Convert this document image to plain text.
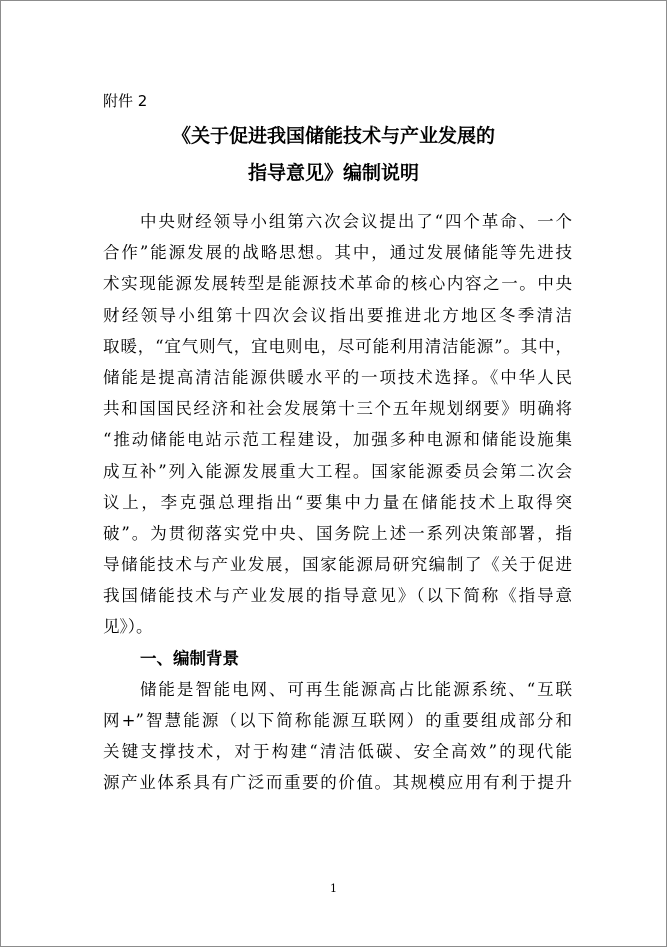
附件 2
《关于促进我国储能技术与产业发展的
指导意见》编制说明
中央财经领导小组第六次会议提出了“四个革命、一个
合作”能源发展的战略思想。其中，通过发展储能等先进技
术实现能源发展转型是能源技术革命的核心内容之一。中央
财经领导小组第十四次会议指出要推进北方地区冬季清洁
取暖，“宜气则气，宜电则电，尽可能利用清洁能源”。其中，
储能是提高清洁能源供暖水平的一项技术选择。《中华人民
共和国国民经济和社会发展第十三个五年规划纲要》明确将
“推动储能电站示范工程建设，加强多种电源和储能设施集
成互补”列入能源发展重大工程。国家能源委员会第二次会
议上，李克强总理指出“要集中力量在储能技术上取得突
破”。为贯彻落实党中央、国务院上述一系列决策部署，指
导储能技术与产业发展，国家能源局研究编制了《关于促进
我国储能技术与产业发展的指导意见》（以下简称《指导意
见》）。
一、编制背景
储能是智能电网、可再生能源高占比能源系统、“互联
网+”智慧能源（以下简称能源互联网）的重要组成部分和
关键支撑技术，对于构建“清洁低碳、安全高效”的现代能
源产业体系具有广泛而重要的价值。其规模应用有利于提升
1
